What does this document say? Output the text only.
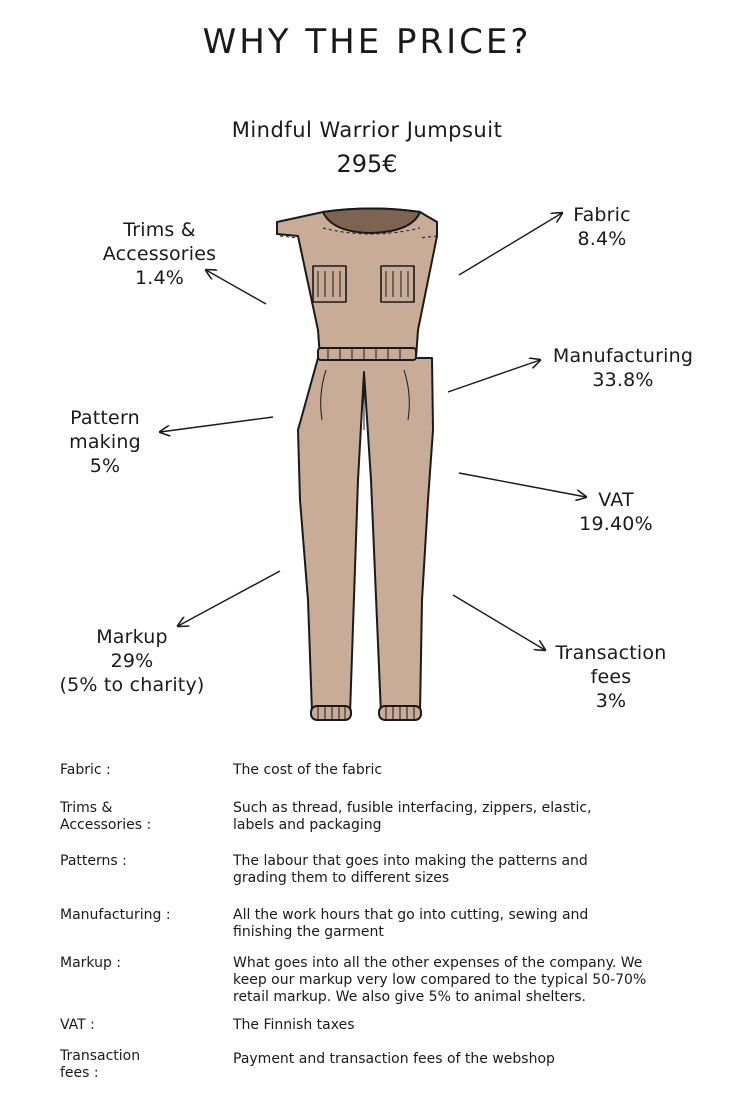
WHY THE PRICE?
Mindful Warrior Jumpsuit
295€
Fabric
8.4%
Trims &
Accessories
1.4%
Manufacturing
33.8%
Pattern
making
5%
VAT
19.40%
Markup
29%
(5% to charity)
Transaction
fees
3%
Fabric :	The cost of the fabric
Trims & Accessories :
Such as thread, fusible interfacing, zippers, elastic, labels and packaging
Patterns :	The labour that goes into making the patterns and grading them to different sizes
Manufacturing :	All the work hours that go into cutting, sewing and finishing the garment
Markup :	What goes into all the other expenses of the company. We keep our markup very low compared to the typical 50-70% retail markup. We also give 5% to animal shelters.
VAT :	The Finnish taxes
Transaction fees :
Payment and transaction fees of the webshop
